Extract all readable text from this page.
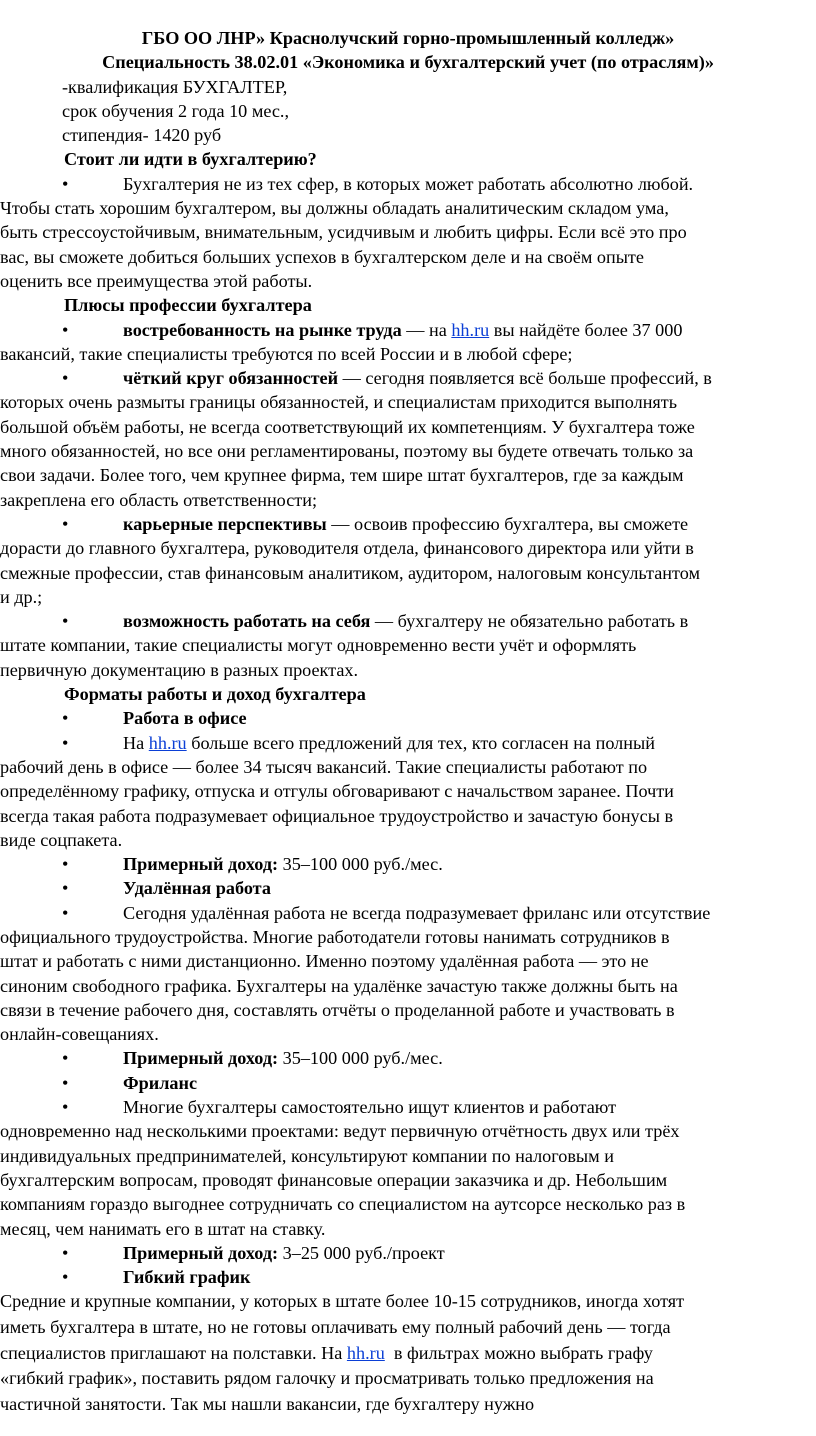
ГБО ОО ЛНР» Краснолучский горно-промышленный колледж»
Специальность 38.02.01 «Экономика и бухгалтерский учет (по отраслям)»
-квалификация БУХГАЛТЕР,
срок обучения 2 года 10 мес.,
стипендия- 1420 руб
Стоит ли идти в бухгалтерию?
•	Бухгалтерия не из тех сфер, в которых может работать абсолютно любой.
Чтобы стать хорошим бухгалтером, вы должны обладать аналитическим складом ума,
быть стрессоустойчивым, внимательным, усидчивым и любить цифры. Если всё это про
вас, вы сможете добиться больших успехов в бухгалтерском деле и на своём опыте
оценить все преимущества этой работы.
Плюсы профессии бухгалтера
•	востребованность на рынке труда — на hh.ru вы найдёте более 37 000
вакансий, такие специалисты требуются по всей России и в любой сфере;
•	чёткий круг обязанностей — сегодня появляется всё больше профессий, в
которых очень размыты границы обязанностей, и специалистам приходится выполнять
большой объём работы, не всегда соответствующий их компетенциям. У бухгалтера тоже
много обязанностей, но все они регламентированы, поэтому вы будете отвечать только за
свои задачи. Более того, чем крупнее фирма, тем шире штат бухгалтеров, где за каждым
закреплена его область ответственности;
•	карьерные перспективы — освоив профессию бухгалтера, вы сможете
дорасти до главного бухгалтера, руководителя отдела, финансового директора или уйти в
смежные профессии, став финансовым аналитиком, аудитором, налоговым консультантом
и др.;
•	возможность работать на себя — бухгалтеру не обязательно работать в
штате компании, такие специалисты могут одновременно вести учёт и оформлять
первичную документацию в разных проектах.
Форматы работы и доход бухгалтера
•	Работа в офисе
•	На hh.ru больше всего предложений для тех, кто согласен на полный
рабочий день в офисе — более 34 тысяч вакансий. Такие специалисты работают по
определённому графику, отпуска и отгулы обговаривают с начальством заранее. Почти
всегда такая работа подразумевает официальное трудоустройство и зачастую бонусы в
виде соцпакета.
•	Примерный доход: 35–100 000 руб./мес.
•	Удалённая работа
•	Сегодня удалённая работа не всегда подразумевает фриланс или отсутствие
официального трудоустройства. Многие работодатели готовы нанимать сотрудников в
штат и работать с ними дистанционно. Именно поэтому удалённая работа — это не
синоним свободного графика. Бухгалтеры на удалёнке зачастую также должны быть на
связи в течение рабочего дня, составлять отчёты о проделанной работе и участвовать в
онлайн-совещаниях.
•	Примерный доход: 35–100 000 руб./мес.
•	Фриланс
•	Многие бухгалтеры самостоятельно ищут клиентов и работают
одновременно над несколькими проектами: ведут первичную отчётность двух или трёх
индивидуальных предпринимателей, консультируют компании по налоговым и
бухгалтерским вопросам, проводят финансовые операции заказчика и др. Небольшим
компаниям гораздо выгоднее сотрудничать со специалистом на аутсорсе несколько раз в
месяц, чем нанимать его в штат на ставку.
•	Примерный доход: 3–25 000 руб./проект
•	Гибкий график
Средние и крупные компании, у которых в штате более 10-15 сотрудников, иногда хотят
иметь бухгалтера в штате, но не готовы оплачивать ему полный рабочий день — тогда
специалистов приглашают на полставки. На hh.ru  в фильтрах можно выбрать графу
«гибкий график», поставить рядом галочку и просматривать только предложения на
частичной занятости. Так мы нашли вакансии, где бухгалтеру нужно
